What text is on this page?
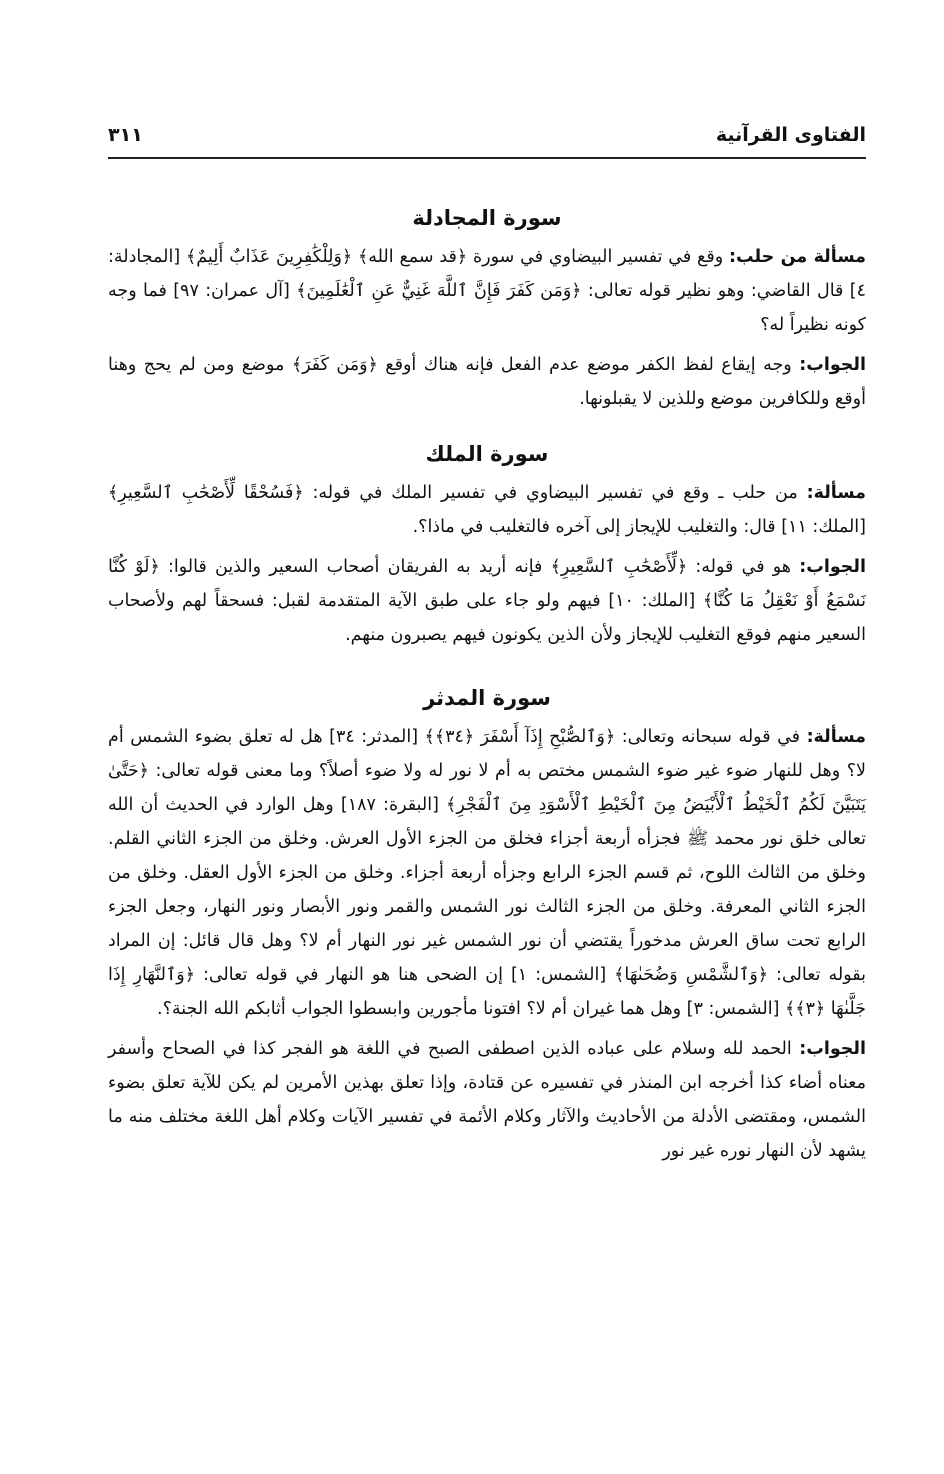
الفتاوى القرآنية
٣١١
سورة المجادلة

مسألة من حلب: وقع في تفسير البيضاوي في سورة ﴿قد سمع الله﴾ ﴿وَلِلْكَٰفِرِينَ عَذَابٌ أَلِيمٌ﴾ [المجادلة: ٤] قال القاضي: وهو نظير قوله تعالى: ﴿وَمَن كَفَرَ فَإِنَّ ٱللَّهَ غَنِيٌّ عَنِ ٱلْعَٰلَمِينَ﴾ [آل عمران: ٩٧] فما وجه كونه نظيراً له؟

الجواب: وجه إيقاع لفظ الكفر موضع عدم الفعل فإنه هناك أوقع ﴿وَمَن كَفَرَ﴾ موضع ومن لم يحج وهنا أوقع وللكافرين موضع وللذين لا يقبلونها.

سورة الملك

مسألة: من حلب ـ وقع في تفسير البيضاوي في تفسير الملك في قوله: ﴿فَسُحْقًا لِّأَصْحَٰبِ ٱلسَّعِيرِ﴾ [الملك: ١١] قال: والتغليب للإيجاز إلى آخره فالتغليب في ماذا؟.

الجواب: هو في قوله: ﴿لِّأَصْحَٰبِ ٱلسَّعِيرِ﴾ فإنه أريد به الفريقان أصحاب السعير والذين قالوا: ﴿لَوْ كُنَّا نَسْمَعُ أَوْ نَعْقِلُ مَا كُنَّا﴾ [الملك: ١٠] فيهم ولو جاء على طبق الآية المتقدمة لقبل: فسحقاً لهم ولأصحاب السعير منهم فوقع التغليب للإيجاز ولأن الذين يكونون فيهم يصبرون منهم.

سورة المدثر

مسألة: في قوله سبحانه وتعالى: ﴿وَٱلصُّبْحِ إِذَآ أَسْفَرَ ﴿٣٤﴾﴾ [المدثر: ٣٤] هل له تعلق بضوء الشمس أم لا؟ وهل للنهار ضوء غير ضوء الشمس مختص به أم لا نور له ولا ضوء أصلاً؟ وما معنى قوله تعالى: ﴿حَتَّىٰ يَتَبَيَّنَ لَكُمُ ٱلْخَيْطُ ٱلْأَبْيَضُ مِنَ ٱلْخَيْطِ ٱلْأَسْوَدِ مِنَ ٱلْفَجْرِ﴾ [البقرة: ١٨٧] وهل الوارد في الحديث أن الله تعالى خلق نور محمد ﷺ فجزأه أربعة أجزاء فخلق من الجزء الأول العرش. وخلق من الجزء الثاني القلم. وخلق من الثالث اللوح، ثم قسم الجزء الرابع وجزأه أربعة أجزاء. وخلق من الجزء الأول العقل. وخلق من الجزء الثاني المعرفة. وخلق من الجزء الثالث نور الشمس والقمر ونور الأبصار ونور النهار، وجعل الجزء الرابع تحت ساق العرش مدخوراً يقتضي أن نور الشمس غير نور النهار أم لا؟ وهل قال قائل: إن المراد بقوله تعالى: ﴿وَٱلشَّمْسِ وَضُحَىٰهَا﴾ [الشمس: ١] إن الضحى هنا هو النهار في قوله تعالى: ﴿وَٱلنَّهَارِ إِذَا جَلَّىٰهَا ﴿٣﴾﴾ [الشمس: ٣] وهل هما غيران أم لا؟ افتونا مأجورين وابسطوا الجواب أثابكم الله الجنة؟.

الجواب: الحمد لله وسلام على عباده الذين اصطفى الصبح في اللغة هو الفجر كذا في الصحاح وأسفر معناه أضاء كذا أخرجه ابن المنذر في تفسيره عن قتادة، وإذا تعلق بهذين الأمرين لم يكن للآية تعلق بضوء الشمس، ومقتضى الأدلة من الأحاديث والآثار وكلام الأئمة في تفسير الآيات وكلام أهل اللغة مختلف منه ما يشهد لأن النهار نوره غير نور
